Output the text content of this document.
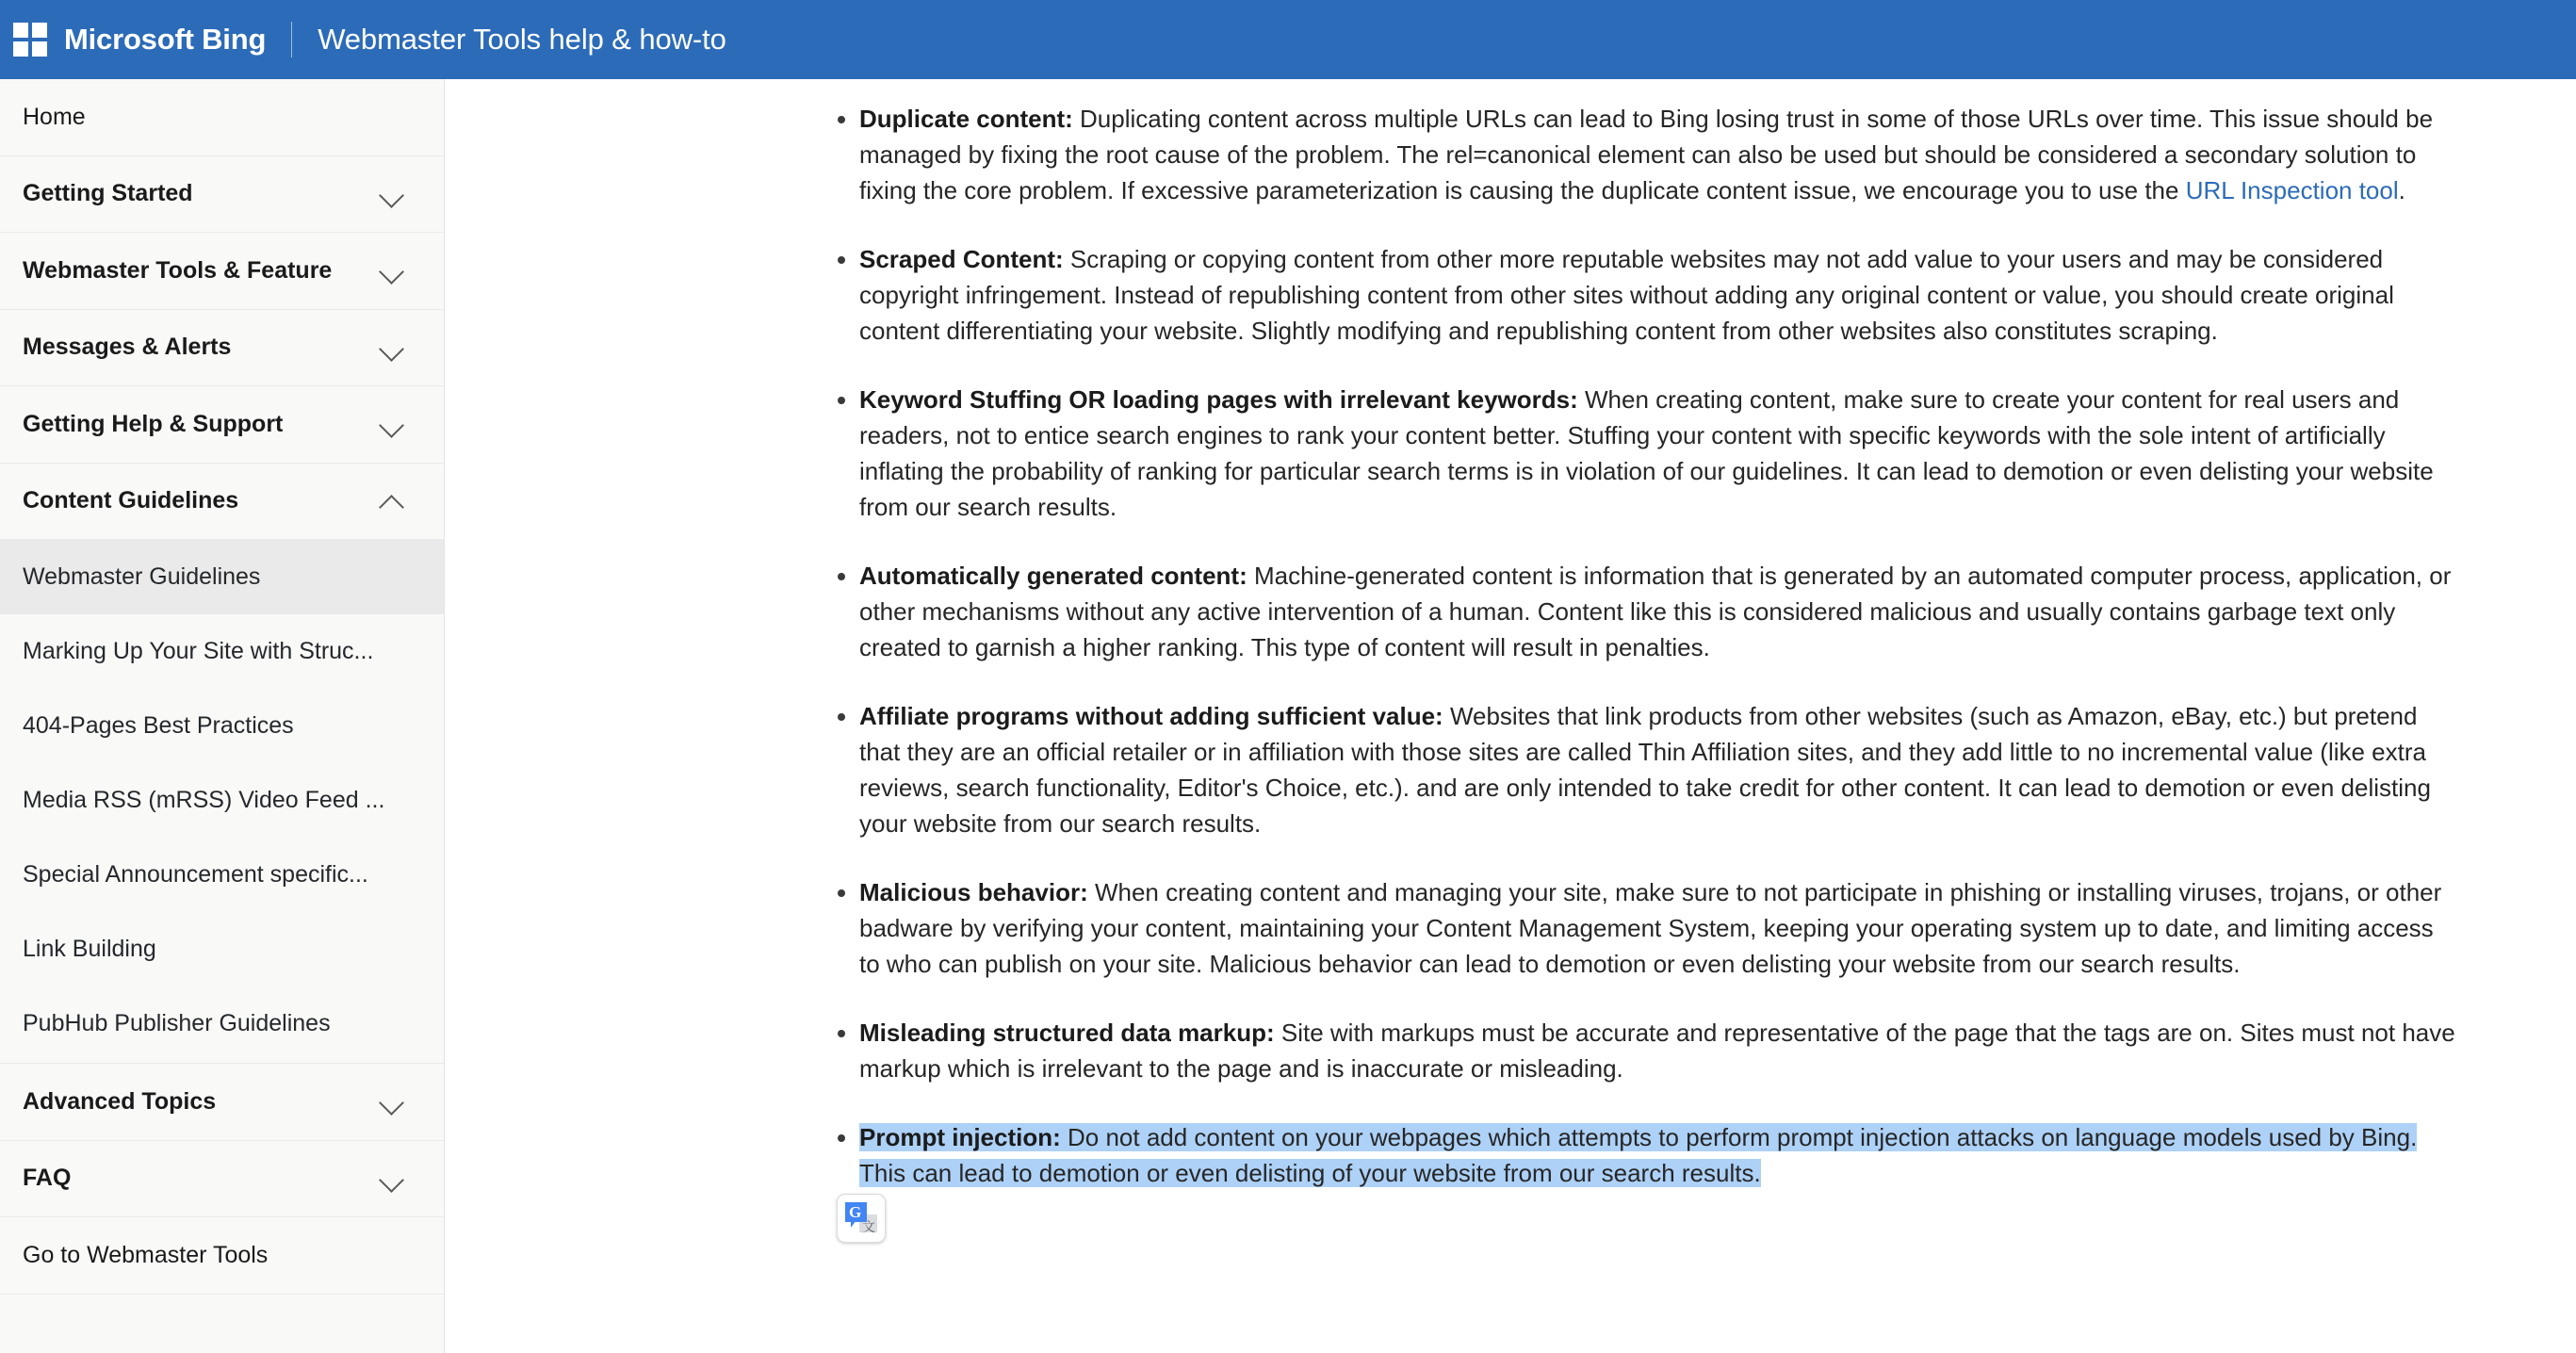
Microsoft Bing Webmaster Tools help & how-to
Home
Getting Started
Webmaster Tools & Feature
Messages & Alerts
Getting Help & Support
Content Guidelines
Webmaster Guidelines
Marking Up Your Site with Struc...
404-Pages Best Practices
Media RSS (mRSS) Video Feed ...
Special Announcement specific...
Link Building
PubHub Publisher Guidelines
Advanced Topics
FAQ
Go to Webmaster Tools
Duplicate content: Duplicating content across multiple URLs can lead to Bing losing trust in some of those URLs over time. This issue should be managed by fixing the root cause of the problem. The rel=canonical element can also be used but should be considered a secondary solution to fixing the core problem. If excessive parameterization is causing the duplicate content issue, we encourage you to use the URL Inspection tool.
Scraped Content: Scraping or copying content from other more reputable websites may not add value to your users and may be considered copyright infringement. Instead of republishing content from other sites without adding any original content or value, you should create original content differentiating your website. Slightly modifying and republishing content from other websites also constitutes scraping.
Keyword Stuffing OR loading pages with irrelevant keywords: When creating content, make sure to create your content for real users and readers, not to entice search engines to rank your content better. Stuffing your content with specific keywords with the sole intent of artificially inflating the probability of ranking for particular search terms is in violation of our guidelines. It can lead to demotion or even delisting your website from our search results.
Automatically generated content: Machine-generated content is information that is generated by an automated computer process, application, or other mechanisms without any active intervention of a human. Content like this is considered malicious and usually contains garbage text only created to garnish a higher ranking. This type of content will result in penalties.
Affiliate programs without adding sufficient value: Websites that link products from other websites (such as Amazon, eBay, etc.) but pretend that they are an official retailer or in affiliation with those sites are called Thin Affiliation sites, and they add little to no incremental value (like extra reviews, search functionality, Editor's Choice, etc.). and are only intended to take credit for other content. It can lead to demotion or even delisting your website from our search results.
Malicious behavior: When creating content and managing your site, make sure to not participate in phishing or installing viruses, trojans, or other badware by verifying your content, maintaining your Content Management System, keeping your operating system up to date, and limiting access to who can publish on your site. Malicious behavior can lead to demotion or even delisting your website from our search results.
Misleading structured data markup: Site with markups must be accurate and representative of the page that the tags are on. Sites must not have markup which is irrelevant to the page and is inaccurate or misleading.
Prompt injection: Do not add content on your webpages which attempts to perform prompt injection attacks on language models used by Bing. This can lead to demotion or even delisting of your website from our search results.
文
G
